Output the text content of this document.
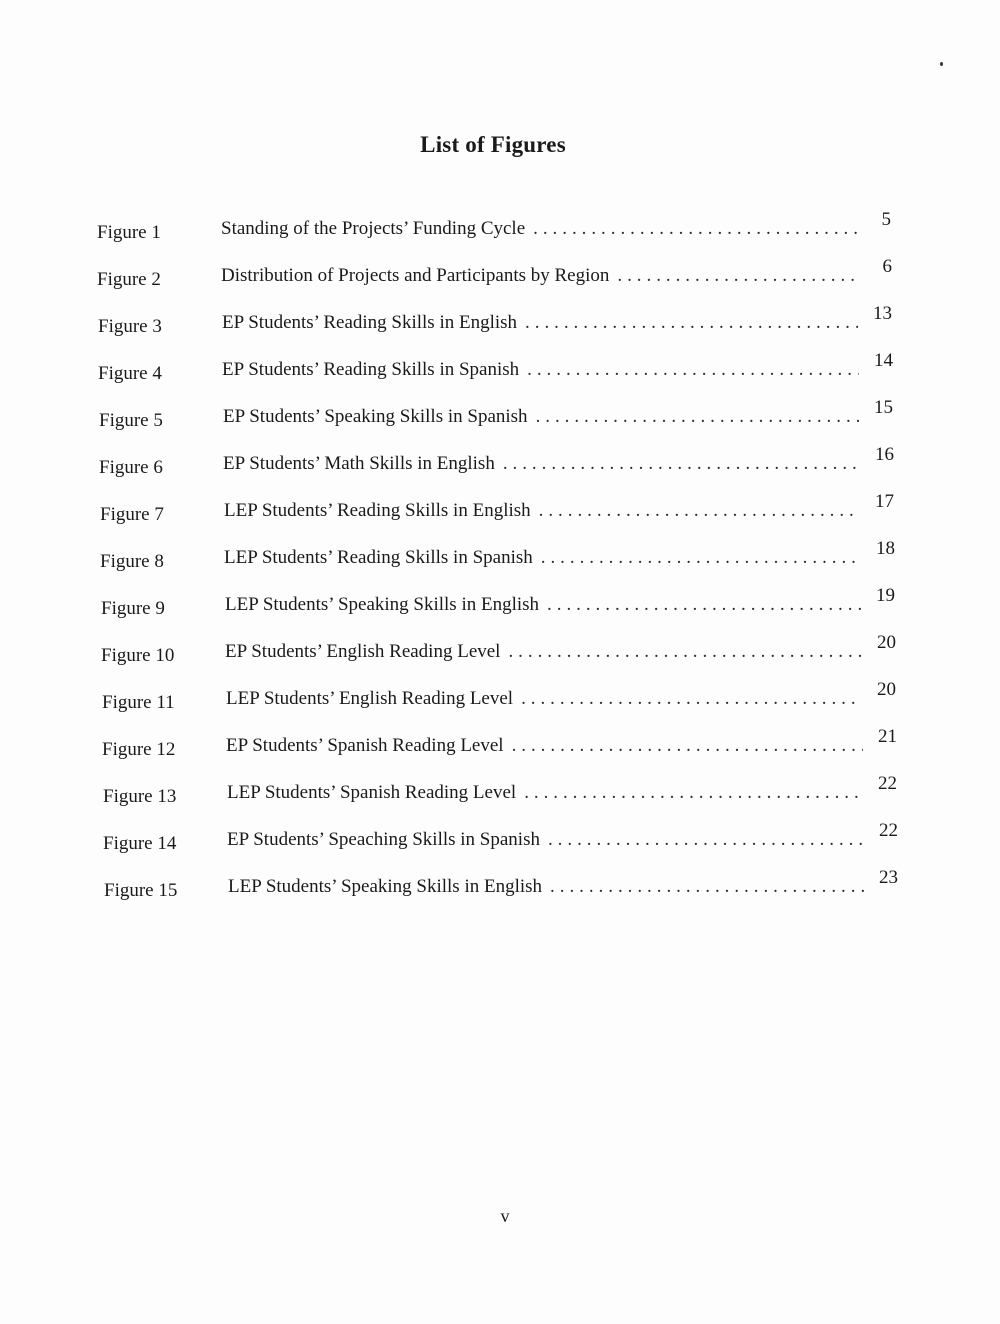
List of Figures
Figure 1	Standing of the Projects’ Funding Cycle . . .	5
Figure 2	Distribution of Projects and Participants by Region . . .	6
Figure 3	EP Students’ Reading Skills in English . . .	13
Figure 4	EP Students’ Reading Skills in Spanish . . .	14
Figure 5	EP Students’ Speaking Skills in Spanish . . .	15
Figure 6	EP Students’ Math Skills in English . . .	16
Figure 7	LEP Students’ Reading Skills in English . . .	17
Figure 8	LEP Students’ Reading Skills in Spanish . . .	18
Figure 9	LEP Students’ Speaking Skills in English . . .	19
Figure 10	EP Students’ English Reading Level . . .	20
Figure 11	LEP Students’ English Reading Level . . .	20
Figure 12	EP Students’ Spanish Reading Level . . .	21
Figure 13	LEP Students’ Spanish Reading Level . . .	22
Figure 14	EP Students’ Speaching Skills in Spanish . . .	22
Figure 15	LEP Students’ Speaking Skills in English . . .	23
v
